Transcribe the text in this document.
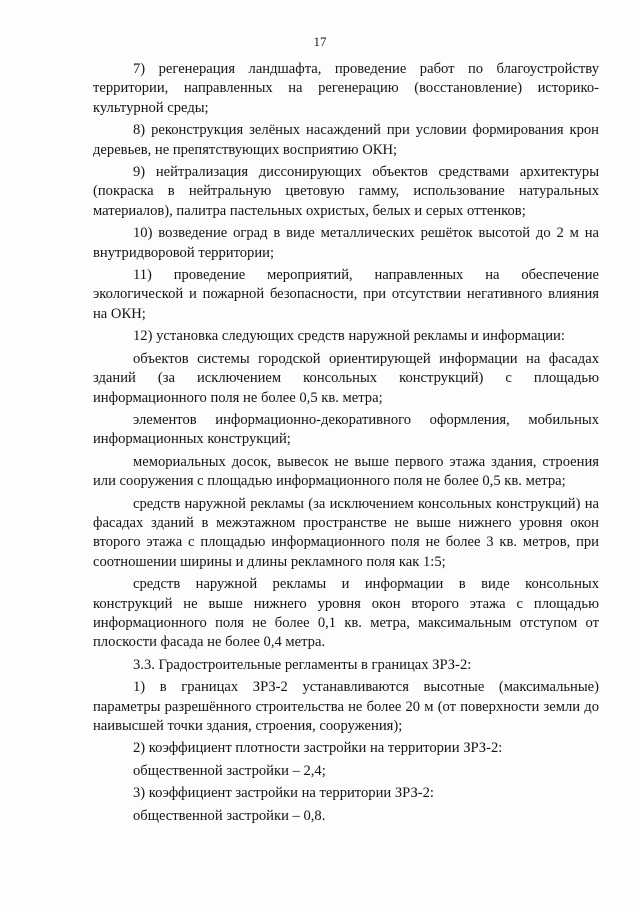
17

7) регенерация ландшафта, проведение работ по благоустройству территории, направленных на регенерацию (восстановление) историко-культурной среды;

8) реконструкция зелёных насаждений при условии формирования крон деревьев, не препятствующих восприятию ОКН;

9) нейтрализация диссонирующих объектов средствами архитектуры (покраска в нейтральную цветовую гамму, использование натуральных материалов), палитра пастельных охристых, белых и серых оттенков;

10) возведение оград в виде металлических решёток высотой до 2 м на внутридворовой территории;

11) проведение мероприятий, направленных на обеспечение экологической и пожарной безопасности, при отсутствии негативного влияния на ОКН;

12) установка следующих средств наружной рекламы и информации:

объектов системы городской ориентирующей информации на фасадах зданий (за исключением консольных конструкций) с площадью информационного поля не более 0,5 кв. метра;

элементов информационно-декоративного оформления, мобильных информационных конструкций;

мемориальных досок, вывесок не выше первого этажа здания, строения или сооружения с площадью информационного поля не более 0,5 кв. метра;

средств наружной рекламы (за исключением консольных конструкций) на фасадах зданий в межэтажном пространстве не выше нижнего уровня окон второго этажа с площадью информационного поля не более 3 кв. метров, при соотношении ширины и длины рекламного поля как 1:5;

средств наружной рекламы и информации в виде консольных конструкций не выше нижнего уровня окон второго этажа с площадью информационного поля не более 0,1 кв. метра, максимальным отступом от плоскости фасада не более 0,4 метра.

3.3. Градостроительные регламенты в границах ЗРЗ-2:

1) в границах ЗРЗ-2 устанавливаются высотные (максимальные) параметры разрешённого строительства не более 20 м (от поверхности земли до наивысшей точки здания, строения, сооружения);

2) коэффициент плотности застройки на территории ЗРЗ-2:

общественной застройки – 2,4;

3) коэффициент застройки на территории ЗРЗ-2:

общественной застройки – 0,8.
